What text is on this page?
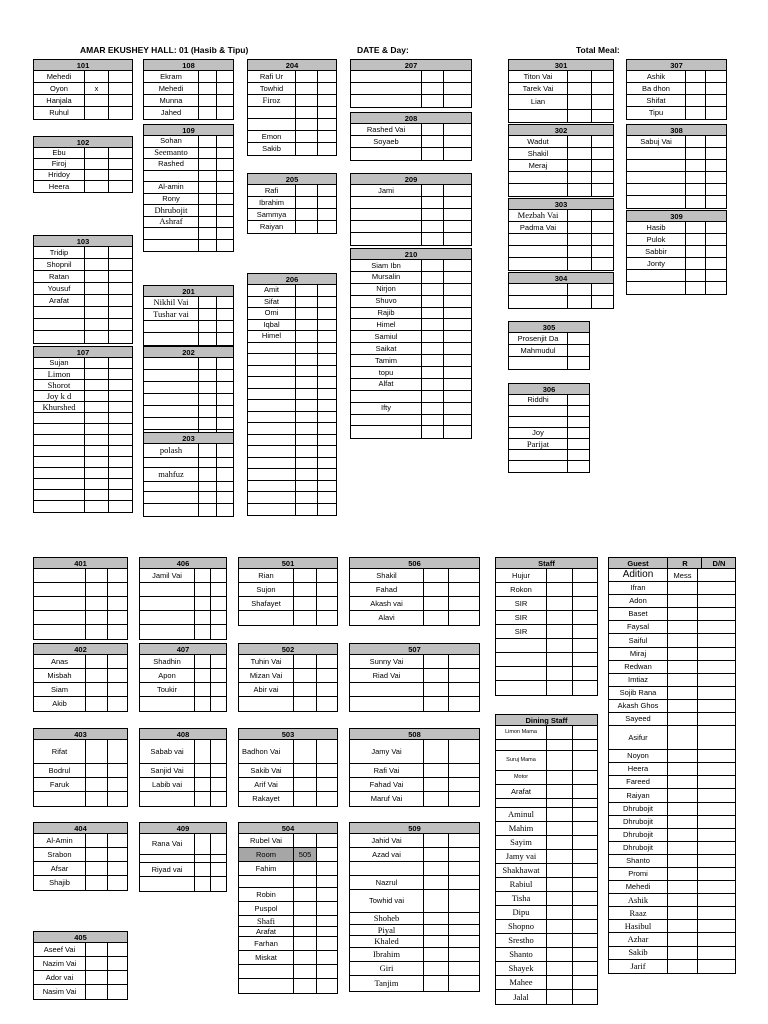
AMAR EKUSHEY HALL: 01 (Hasib & Tipu)	DATE & Day:	Total Meal:
101
Mehedi
Oyon	x
Hanjala
Ruhul
102
Ebu
Firoj
Hridoy
Heera
103
Tridip
Shopnil
Ratan
Yousuf
Arafat
107
Sujan
Limon
Shorot
Joy k d
Khurshed
108
Ekram
Mehedi
Munna
Jahed
109
Sohan
Seemanto
Rashed
Al-amin
Rony
Dhrubojit
Ashraf
201
Nikhil Vai
Tushar vai
202
203
polash
mahfuz
204
Rafi Ur
Towhid
Firoz
Emon
Sakib
205
Rafi
Ibrahim
Sammya
Raiyan
206
Amit
Sifat
Omi
Iqbal
Himel
207
208
Rashed Vai
Soyaeb
209
Jami
210
Siam Ibn
Mursalin
Nirjon
Shuvo
Rajib
Himel
Samiul
Saikat
Tamim
topu
Alfat
Ifty
301
Titon Vai
Tarek Vai
Lian
302
Wadut
Shakil
Meraj
303
Mezbah Vai
Padma Vai
304
305
Prosenjit Da
Mahmudul
306
Riddhi
Joy
Parijat
307
Ashik
Ba dhon
Shifat
Tipu
308
Sabuj Vai
309
Hasib
Pulok
Sabbir
Jonty
401
402
Anas
Misbah
Siam
Akib
403
Rifat
Bodrul
Faruk
404
Al-Amin
Srabon
Afsar
Shajib
405
Aseef Vai
Nazim Vai
Ador vai
Nasim Vai
406
Jamil Vai
407
Shadhin
Apon
Toukir
408
Sabab vai
Sanjid Vai
Labib vai
409
Rana Vai
Riyad vai
501
Rian
Sujon
Shafayet
502
Tuhin Vai
Mizan Vai
Abir vai
503
Badhon Vai
Sakib Vai
Arif Vai
Rakayet
504
Rubel Vai
Room	505
Fahim
Robin
Puspol
Shafi
Arafat
Farhan
Miskat
506
Shakil
Fahad
Akash vai
Alavi
507
Sunny Vai
Riad Vai
508
Jamy Vai
Rafi Vai
Fahad Vai
Maruf Vai
509
Jahid Vai
Azad vai
Nazrul
Towhid vai
Shoheb
Piyal
Khaled
Ibrahim
Giri
Tanjim
Staff
Hujur
Rokon
SIR
SIR
SIR
Dining Staff
Limon Mama
Suruj Mama
Motor
Arafat
Aminul
Mahim
Sayim
Jamy vai
Shakhawat
Rabiul
Tisha
Dipu
Shopno
Srestho
Shanto
Shayek
Mahee
Jalal
Guest	R	D/N
Adition	Mess
Ifran
Adon
Baset
Faysal
Saiful
Miraj
Redwan
Imtiaz
Sojib Rana
Akash Ghos
Sayeed
Asifur
Noyon
Heera
Fareed
Raiyan
Dhrubojit
Dhrubojit
Dhrubojit
Dhrubojit
Shanto
Promi
Mehedi
Ashik
Raaz
Hasibul
Azhar
Sakib
Jarif
